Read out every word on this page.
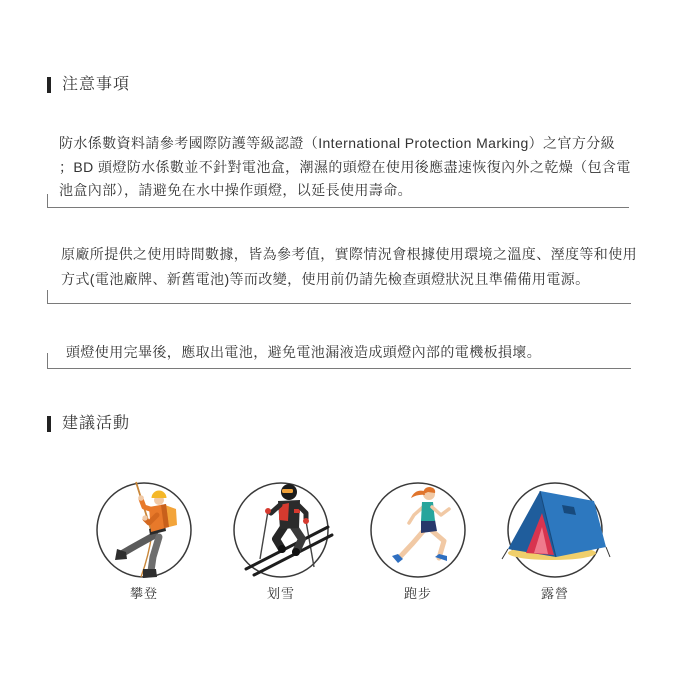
注意事項
防水係數資料請參考國際防護等級認證（International Protection Marking）之官方分級
；BD 頭燈防水係數並不針對電池盒，潮濕的頭燈在使用後應盡速恢復內外之乾燥（包含電
池盒內部），請避免在水中操作頭燈，以延長使用壽命。
原廠所提供之使用時間數據，皆為參考值，實際情況會根據使用環境之溫度、溼度等和使用
方式(電池廠牌、新舊電池)等而改變，使用前仍請先檢查頭燈狀況且準備備用電源。
頭燈使用完畢後，應取出電池，避免電池漏液造成頭燈內部的電機板損壞。
建議活動
攀登	划雪	跑步	露營
